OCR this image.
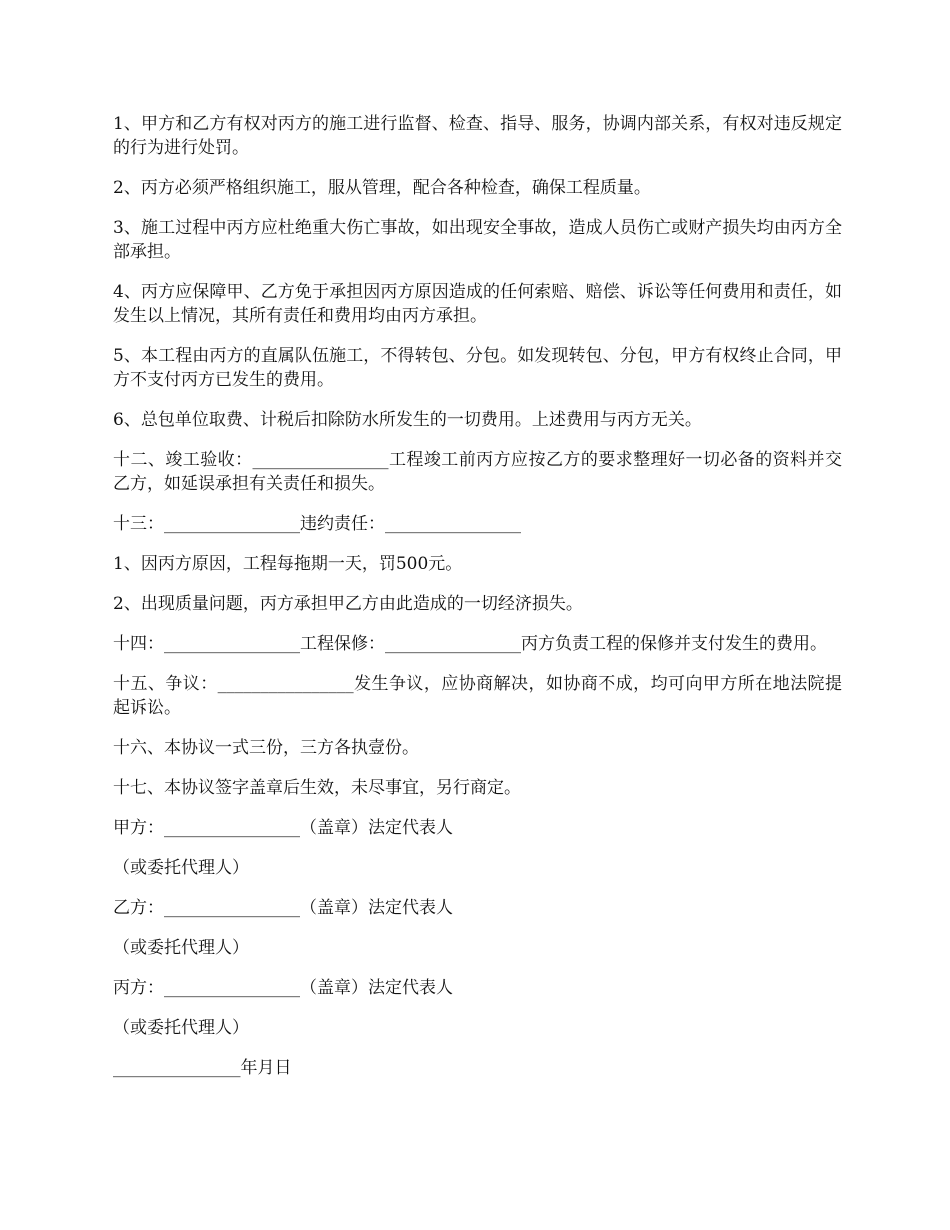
1、甲方和乙方有权对丙方的施工进行监督、检查、指导、服务，协调内部关系，有权对违反规定的行为进行处罚。

2、丙方必须严格组织施工，服从管理，配合各种检查，确保工程质量。

3、施工过程中丙方应杜绝重大伤亡事故，如出现安全事故，造成人员伤亡或财产损失均由丙方全部承担。

4、丙方应保障甲、乙方免于承担因丙方原因造成的任何索赔、赔偿、诉讼等任何费用和责任，如发生以上情况，其所有责任和费用均由丙方承担。

5、本工程由丙方的直属队伍施工，不得转包、分包。如发现转包、分包，甲方有权终止合同，甲方不支付丙方已发生的费用。

6、总包单位取费、计税后扣除防水所发生的一切费用。上述费用与丙方无关。

十二、竣工验收：________________工程竣工前丙方应按乙方的要求整理好一切必备的资料并交乙方，如延误承担有关责任和损失。

十三：________________违约责任：________________

1、因丙方原因，工程每拖期一天，罚500元。

2、出现质量问题，丙方承担甲乙方由此造成的一切经济损失。

十四：________________工程保修：________________丙方负责工程的保修并支付发生的费用。

十五、争议：________________发生争议，应协商解决，如协商不成，均可向甲方所在地法院提起诉讼。

十六、本协议一式三份，三方各执壹份。

十七、本协议签字盖章后生效，未尽事宜，另行商定。

甲方：________________（盖章）法定代表人

（或委托代理人）

乙方：________________（盖章）法定代表人

（或委托代理人）

丙方：________________（盖章）法定代表人

（或委托代理人）

_______________年月日
